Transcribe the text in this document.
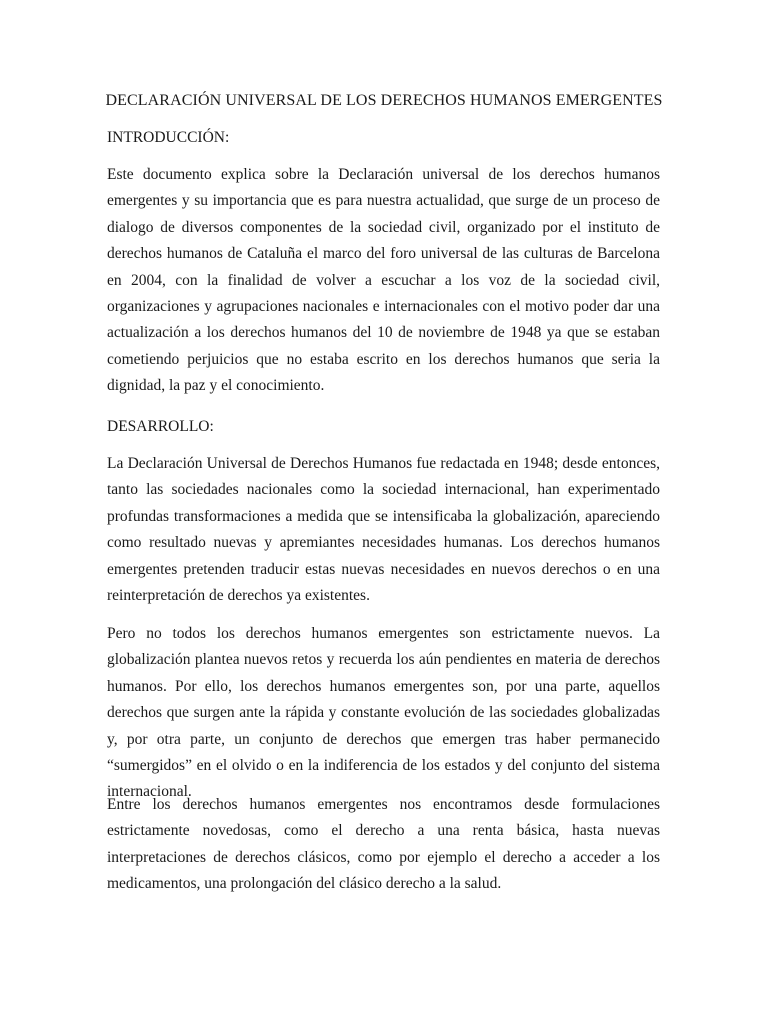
DECLARACIÓN UNIVERSAL DE LOS DERECHOS HUMANOS EMERGENTES
INTRODUCCIÓN:

Este documento explica sobre la Declaración universal de los derechos humanos emergentes y su importancia que es para nuestra actualidad, que surge de un proceso de dialogo de diversos componentes de la sociedad civil, organizado por el instituto de derechos humanos de Cataluña el marco del foro universal de las culturas de Barcelona en 2004, con la finalidad de volver a escuchar a los voz de la sociedad civil, organizaciones y agrupaciones nacionales e internacionales con el motivo poder dar una actualización a los derechos humanos del 10 de noviembre de 1948 ya que se estaban cometiendo perjuicios que no estaba escrito en los derechos humanos que seria la dignidad, la paz y el conocimiento.

DESARROLLO:

La Declaración Universal de Derechos Humanos fue redactada en 1948; desde entonces, tanto las sociedades nacionales como la sociedad internacional, han experimentado profundas transformaciones a medida que se intensificaba la globalización, apareciendo como resultado nuevas y apremiantes necesidades humanas. Los derechos humanos emergentes pretenden traducir estas nuevas necesidades en nuevos derechos o en una reinterpretación de derechos ya existentes.

Pero no todos los derechos humanos emergentes son estrictamente nuevos. La globalización plantea nuevos retos y recuerda los aún pendientes en materia de derechos humanos. Por ello, los derechos humanos emergentes son, por una parte, aquellos derechos que surgen ante la rápida y constante evolución de las sociedades globalizadas y, por otra parte, un conjunto de derechos que emergen tras haber permanecido “sumergidos” en el olvido o en la indiferencia de los estados y del conjunto del sistema internacional.

Entre los derechos humanos emergentes nos encontramos desde formulaciones estrictamente novedosas, como el derecho a una renta básica, hasta nuevas interpretaciones de derechos clásicos, como por ejemplo el derecho a acceder a los medicamentos, una prolongación del clásico derecho a la salud.
